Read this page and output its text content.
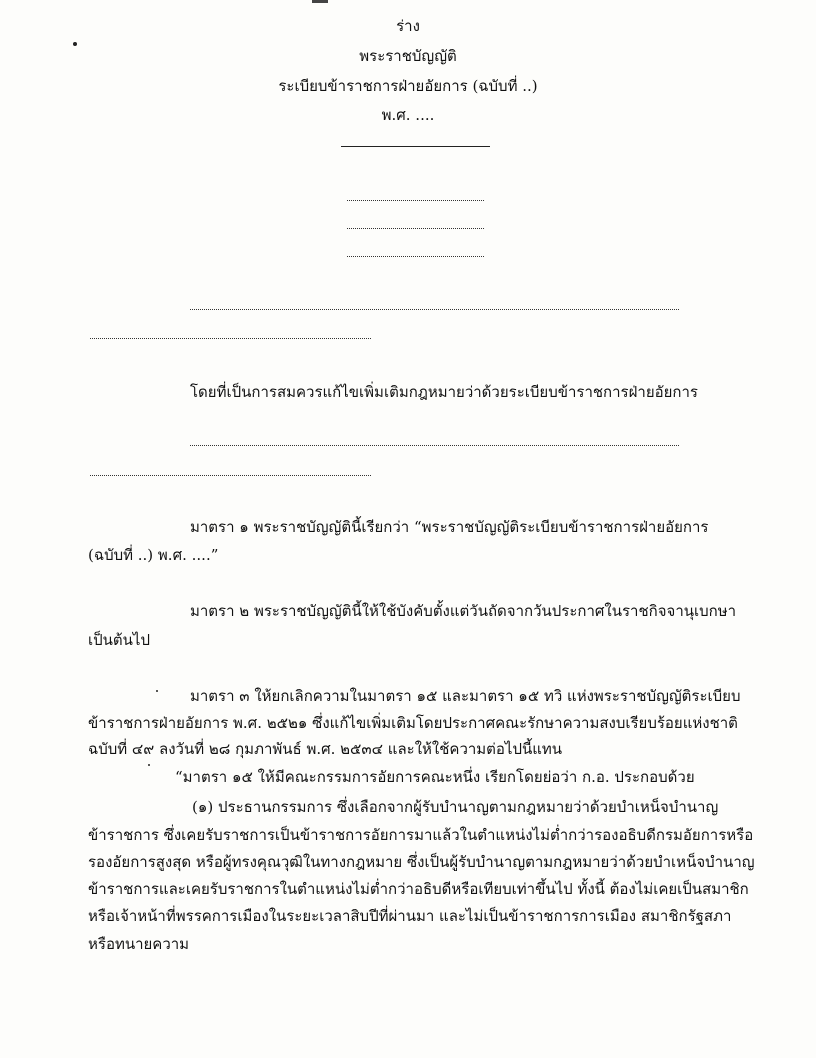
ร่าง
พระราชบัญญัติ
ระเบียบข้าราชการฝ่ายอัยการ (ฉบับที่ ..)
พ.ศ. ....
โดยที่เป็นการสมควรแก้ไขเพิ่มเติมกฎหมายว่าด้วยระเบียบข้าราชการฝ่ายอัยการ
มาตรา ๑ พระราชบัญญัตินี้เรียกว่า “พระราชบัญญัติระเบียบข้าราชการฝ่ายอัยการ
(ฉบับที่ ..) พ.ศ. ....”
มาตรา ๒ พระราชบัญญัตินี้ให้ใช้บังคับตั้งแต่วันถัดจากวันประกาศในราชกิจจานุเบกษา
เป็นต้นไป
มาตรา ๓ ให้ยกเลิกความในมาตรา ๑๕ และมาตรา ๑๕ ทวิ แห่งพระราชบัญญัติระเบียบ
ข้าราชการฝ่ายอัยการ พ.ศ. ๒๕๒๑ ซึ่งแก้ไขเพิ่มเติมโดยประกาศคณะรักษาความสงบเรียบร้อยแห่งชาติ
ฉบับที่ ๔๙ ลงวันที่ ๒๘ กุมภาพันธ์ พ.ศ. ๒๕๓๔ และให้ใช้ความต่อไปนี้แทน
“มาตรา ๑๕ ให้มีคณะกรรมการอัยการคณะหนึ่ง เรียกโดยย่อว่า ก.อ. ประกอบด้วย
(๑) ประธานกรรมการ ซึ่งเลือกจากผู้รับบำนาญตามกฎหมายว่าด้วยบำเหน็จบำนาญ
ข้าราชการ ซึ่งเคยรับราชการเป็นข้าราชการอัยการมาแล้วในตำแหน่งไม่ต่ำกว่ารองอธิบดีกรมอัยการหรือ
รองอัยการสูงสุด หรือผู้ทรงคุณวุฒิในทางกฎหมาย ซึ่งเป็นผู้รับบำนาญตามกฎหมายว่าด้วยบำเหน็จบำนาญ
ข้าราชการและเคยรับราชการในตำแหน่งไม่ต่ำกว่าอธิบดีหรือเทียบเท่าขึ้นไป ทั้งนี้ ต้องไม่เคยเป็นสมาชิก
หรือเจ้าหน้าที่พรรคการเมืองในระยะเวลาสิบปีที่ผ่านมา และไม่เป็นข้าราชการการเมือง สมาชิกรัฐสภา
หรือทนายความ
